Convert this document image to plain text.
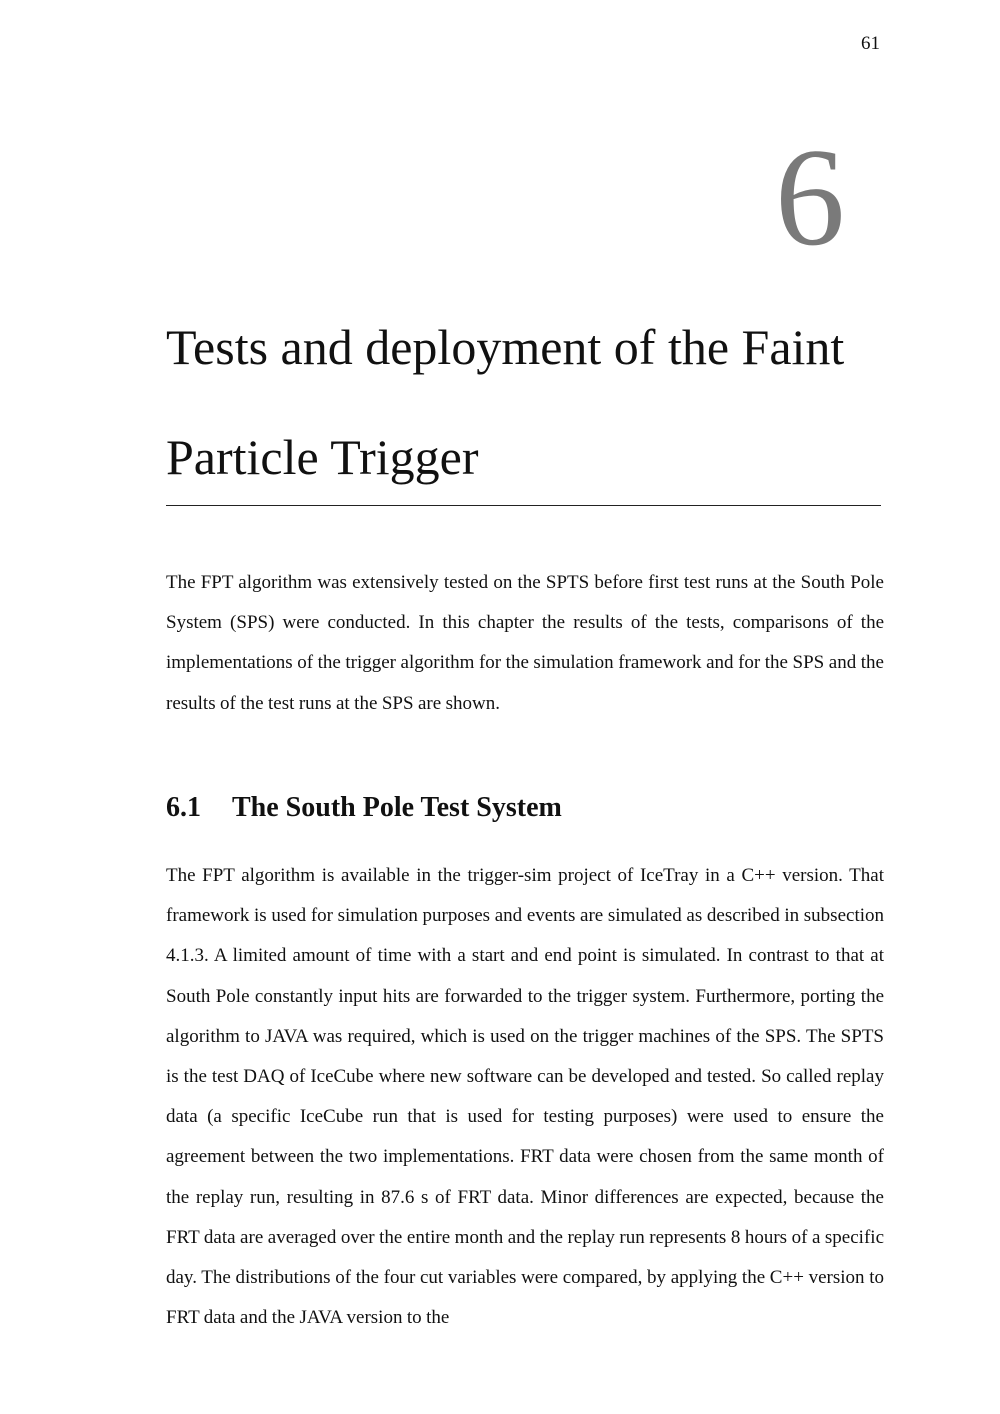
61
6
Tests and deployment of the Faint Particle Trigger

The FPT algorithm was extensively tested on the SPTS before first test runs at the South Pole System (SPS) were conducted. In this chapter the results of the tests, comparisons of the implementations of the trigger algorithm for the simulation framework and for the SPS and the results of the test runs at the SPS are shown.

6.1 The South Pole Test System

The FPT algorithm is available in the trigger-sim project of IceTray in a C++ version. That framework is used for simulation purposes and events are simulated as described in subsection 4.1.3. A limited amount of time with a start and end point is simulated. In contrast to that at South Pole constantly input hits are forwarded to the trigger system. Furthermore, porting the algorithm to JAVA was required, which is used on the trigger machines of the SPS. The SPTS is the test DAQ of IceCube where new software can be developed and tested. So called replay data (a specific IceCube run that is used for testing purposes) were used to ensure the agreement between the two implementations. FRT data were chosen from the same month of the replay run, resulting in 87.6 s of FRT data. Minor differences are expected, because the FRT data are averaged over the entire month and the replay run represents 8 hours of a specific day. The distributions of the four cut variables were compared, by applying the C++ version to FRT data and the JAVA version to the
